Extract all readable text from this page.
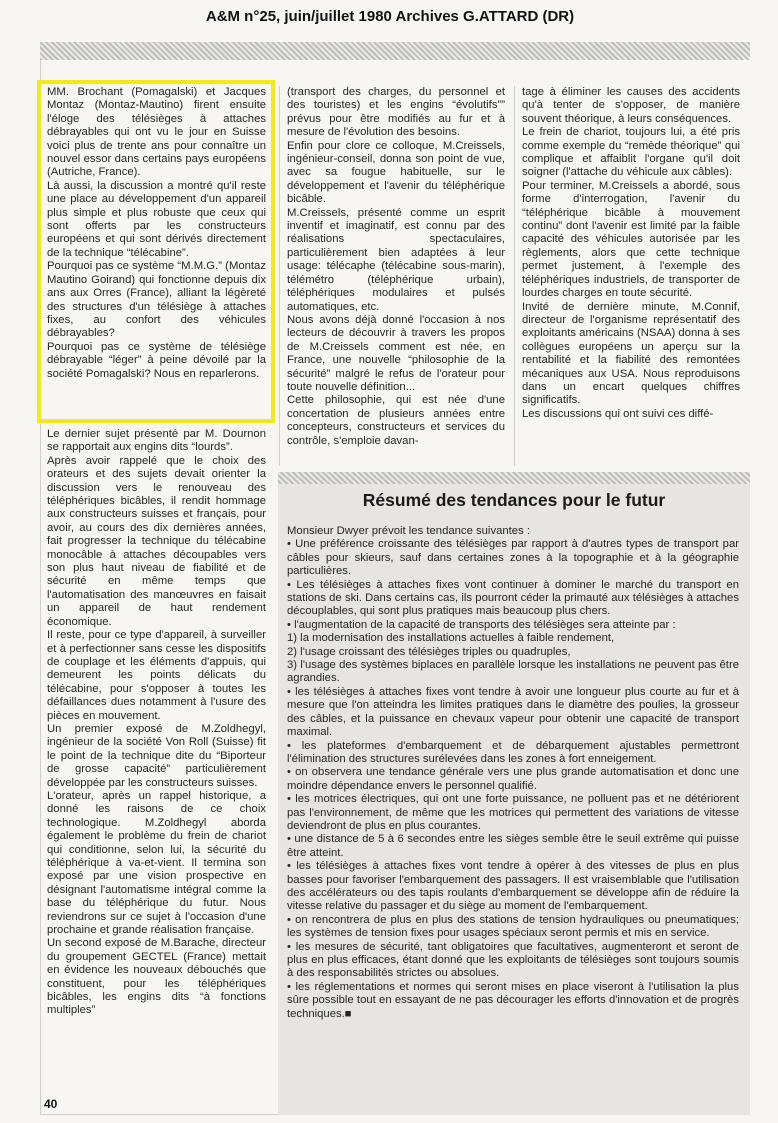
A&M n°25, juin/juillet 1980 Archives G.ATTARD (DR)

MM. Brochant (Pomagalski) et Jacques Montaz (Montaz-Mautino) firent ensuite l'éloge des télésièges à attaches débrayables qui ont vu le jour en Suisse voici plus de trente ans pour connaître un nouvel essor dans certains pays européens (Autriche, France).

Là aussi, la discussion a montré qu'il reste une place au développement d'un appareil plus simple et plus robuste que ceux qui sont offerts par les constructeurs européens et qui sont dérivés directement de la technique “télécabine”.

Pourquoi pas ce système “M.M.G.” (Montaz Mautino Goirand) qui fonctionne depuis dix ans aux Orres (France), alliant la légèreté des structures d'un télésiège à attaches fixes, au confort des véhicules débrayables?

Pourquoi pas ce système de télésiège débrayable “léger” à peine dévoilé par la société Pomagalski? Nous en reparlerons.

Le dernier sujet présenté par M. Dournon se rapportait aux engins dits “lourds”.

Après avoir rappelé que le choix des orateurs et des sujets devait orienter la discussion vers le renouveau des téléphériques bicâbles, il rendit hommage aux constructeurs suisses et français, pour avoir, au cours des dix dernières années, fait progresser la technique du télécabine monocâble à attaches découpables vers son plus haut niveau de fiabilité et de sécurité en même temps que l'automatisation des manœuvres en faisait un appareil de haut rendement économique.

Il reste, pour ce type d'appareil, à surveiller et à perfectionner sans cesse les dispositifs de couplage et les éléments d'appuis, qui demeurent les points délicats du télécabine, pour s'opposer à toutes les défaillances dues notamment à l'usure des pièces en mouvement.

Un premier exposé de M.Zoldhegyl, ingénieur de la société Von Roll (Suisse) fit le point de la technique dite du “Biporteur de grosse capacité” particulièrement développée par les constructeurs suisses.

L'orateur, après un rappel historique, a donné les raisons de ce choix technologique. M.Zoldhegyl aborda également le problème du frein de chariot qui conditionne, selon lui, la sécurité du téléphérique à va-et-vient. Il termina son exposé par une vision prospective en désignant l'automatisme intégral comme la base du téléphérique du futur. Nous reviendrons sur ce sujet à l'occasion d'une prochaine et grande réalisation française.

Un second exposé de M.Barache, directeur du groupement GECTEL (France) mettait en évidence les nouveaux débouchés que constituent, pour les téléphériques bicâbles, les engins dits “à fonctions multiples”

(transport des charges, du personnel et des touristes) et les engins “évolutifs”” prévus pour être modifiés au fur et à mesure de l'évolution des besoins.

Enfin pour clore ce colloque, M.Creissels, ingénieur-conseil, donna son point de vue, avec sa fougue habituelle, sur le développement et l'avenir du téléphérique bicâble.

M.Creissels, présenté comme un esprit inventif et imaginatif, est connu par des réalisations spectaculaires, particulièrement bien adaptées à leur usage: télécaphe (télécabine sous-marin), télémétro (téléphérique urbain), téléphériques modulaires et pulsés automatiques, etc.

Nous avons déjà donné l'occasion à nos lecteurs de découvrir à travers les propos de M.Creissels comment est née, en France, une nouvelle “philosophie de la sécurité” malgré le refus de l'orateur pour toute nouvelle définition...

Cette philosophie, qui est née d'une concertation de plusieurs années entre concepteurs, constructeurs et services du contrôle, s'emploie davan-

tage à éliminer les causes des accidents qu'à tenter de s'opposer, de manière souvent théorique, à leurs conséquences.

Le frein de chariot, toujours lui, a été pris comme exemple du “remède théorique” qui complique et affaiblit l'organe qu'il doit soigner (l'attache du véhicule aux câbles).

Pour terminer, M.Creissels a abordé, sous forme d'interrogation, l'avenir du “téléphérique bicâble à mouvement continu” dont l'avenir est limité par la faible capacité des véhicules autorisée par les règlements, alors que cette technique permet justement, à l'exemple des téléphériques industriels, de transporter de lourdes charges en toute sécurité.

Invité de dernière minute, M.Connif, directeur de l'organisme représentatif des exploitants américains (NSAA) donna à ses collègues européens un aperçu sur la rentabilité et la fiabilité des remontées mécaniques aux USA. Nous reproduisons dans un encart quelques chiffres significatifs.

Les discussions qui ont suivi ces diffé-

Résumé des tendances pour le futur

Monsieur Dwyer prévoit les tendance suivantes :

• Une préférence croissante des télésièges par rapport à d'autres types de transport par câbles pour skieurs, sauf dans certaines zones à la topographie et à la géographie particulières.

• Les télésièges à attaches fixes vont continuer à dominer le marché du transport en stations de ski. Dans certains cas, ils pourront céder la primauté aux télésièges à attaches découplables, qui sont plus pratiques mais beaucoup plus chers.

• l'augmentation de la capacité de transports des télésièges sera atteinte par :

1) la modernisation des installations actuelles à faible rendement,

2) l'usage croissant des télésièges triples ou quadruples,

3) l'usage des systèmes biplaces en parallèle lorsque les installations ne peuvent pas être agrandies.

• les télésièges à attaches fixes vont tendre à avoir une longueur plus courte au fur et à mesure que l'on atteindra les limites pratiques dans le diamètre des poulies, la grosseur des câbles, et la puissance en chevaux vapeur pour obtenir une capacité de transport maximal.

• les plateformes d'embarquement et de débarquement ajustables permettront l'élimination des structures surélevées dans les zones à fort enneigement.

• on observera une tendance générale vers une plus grande automatisation et donc une moindre dépendance envers le personnel qualifié.

• les motrices électriques, qui ont une forte puissance, ne polluent pas et ne détériorent pas l'environnement, de même que les motrices qui permettent des variations de vitesse deviendront de plus en plus courantes.

• une distance de 5 à 6 secondes entre les sièges semble être le seuil extrême qui puisse être atteint.

• les télésièges à attaches fixes vont tendre à opérer à des vitesses de plus en plus basses pour favoriser l'embarquement des passagers. Il est vraisemblable que l'utilisation des accélérateurs ou des tapis roulants d'embarquement se développe afin de réduire la vitesse relative du passager et du siège au moment de l'embarquement.

• on rencontrera de plus en plus des stations de tension hydrauliques ou pneumatiques; les systèmes de tension fixes pour usages spéciaux seront permis et mis en service.

• les mesures de sécurité, tant obligatoires que facultatives, augmenteront et seront de plus en plus efficaces, étant donné que les exploitants de télésièges sont toujours soumis à des responsabilités strictes ou absolues.

• les réglementations et normes qui seront mises en place viseront à l'utilisation la plus sûre possible tout en essayant de ne pas décourager les efforts d'innovation et de progrès techniques.■

40
